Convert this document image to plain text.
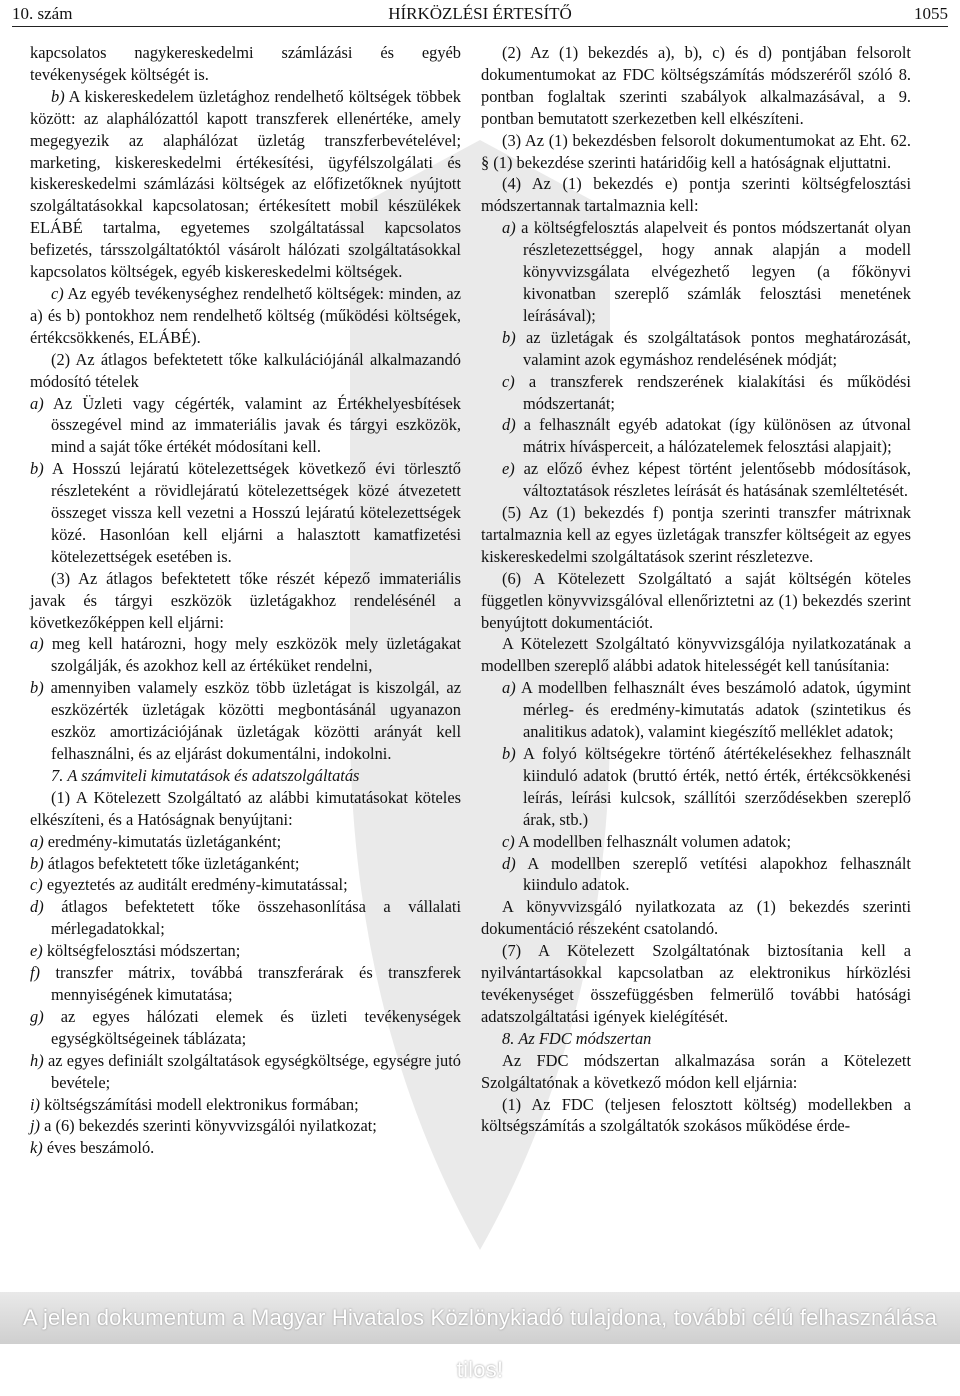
10. szám	HÍRKÖZLÉSI ÉRTESÍTŐ	1055

kapcsolatos nagykereskedelmi számlázási és egyéb tevékenységek költségét is.

b) A kiskereskedelem üzletághoz rendelhető költségek többek között: az alaphálózattól kapott transzferek ellenértéke, amely megegyezik az alaphálózat üzletág transzferbevételével; marketing, kiskereskedelmi értékesítési, ügyfélszolgálati és kiskereskedelmi számlázási költségek az előfizetőknek nyújtott szolgáltatásokkal kapcsolatosan; értékesített mobil készülékek ELÁBÉ tartalma, egyetemes szolgáltatással kapcsolatos befizetés, társszolgáltatóktól vásárolt hálózati szolgáltatásokkal kapcsolatos költségek, egyéb kiskereskedelmi költségek.

c) Az egyéb tevékenységhez rendelhető költségek: minden, az a) és b) pontokhoz nem rendelhető költség (működési költségek, értékcsökkenés, ELÁBÉ).

(2) Az átlagos befektetett tőke kalkulációjánál alkalmazandó módosító tételek

a) Az Üzleti vagy cégérték, valamint az Értékhelyesbítések összegével mind az immateriális javak és tárgyi eszközök, mind a saját tőke értékét módosítani kell.

b) A Hosszú lejáratú kötelezettségek következő évi törlesztő részleteként a rövidlejáratú kötelezettségek közé átvezetett összeget vissza kell vezetni a Hosszú lejáratú kötelezettségek közé. Hasonlóan kell eljárni a halasztott kamatfizetési kötelezettségek esetében is.

(3) Az átlagos befektetett tőke részét képező immateriális javak és tárgyi eszközök üzletágakhoz rendelésénél a következőképpen kell eljárni:

a) meg kell határozni, hogy mely eszközök mely üzletágakat szolgálják, és azokhoz kell az értéküket rendelni,

b) amennyiben valamely eszköz több üzletágat is kiszolgál, az eszközérték üzletágak közötti megbontásánál ugyanazon eszköz amortizációjának üzletágak közötti arányát kell felhasználni, és az eljárást dokumentálni, indokolni.

7. A számviteli kimutatások és adatszolgáltatás

(1) A Kötelezett Szolgáltató az alábbi kimutatásokat köteles elkészíteni, és a Hatóságnak benyújtani:

a) eredmény-kimutatás üzletáganként;

b) átlagos befektetett tőke üzletáganként;

c) egyeztetés az auditált eredmény-kimutatással;

d) átlagos befektetett tőke összehasonlítása a vállalati mérlegadatokkal;

e) költségfelosztási módszertan;

f) transzfer mátrix, továbbá transzferárak és transzferek mennyiségének kimutatása;

g) az egyes hálózati elemek és üzleti tevékenységek egységköltségeinek táblázata;

h) az egyes definiált szolgáltatások egységköltsége, egységre jutó bevétele;

i) költségszámítási modell elektronikus formában;

j) a (6) bekezdés szerinti könyvvizsgálói nyilatkozat;

k) éves beszámoló.

(2) Az (1) bekezdés a), b), c) és d) pontjában felsorolt dokumentumokat az FDC költségszámítás módszeréről szóló 8. pontban foglaltak szerinti szabályok alkalmazásával, a 9. pontban bemutatott szerkezetben kell elkészíteni.

(3) Az (1) bekezdésben felsorolt dokumentumokat az Eht. 62. § (1) bekezdése szerinti határidőig kell a hatóságnak eljuttatni.

(4) Az (1) bekezdés e) pontja szerinti költségfelosztási módszertannak tartalmaznia kell:

a) a költségfelosztás alapelveit és pontos módszertanát olyan részletezettséggel, hogy annak alapján a modell könyvvizsgálata elvégezhető legyen (a főkönyvi kivonatban szereplő számlák felosztási menetének leírásával);

b) az üzletágak és szolgáltatások pontos meghatározását, valamint azok egymáshoz rendelésének módját;

c) a transzferek rendszerének kialakítási és működési módszertanát;

d) a felhasznált egyéb adatokat (így különösen az útvonal mátrix hívásperceit, a hálózatelemek felosztási alapjait);

e) az előző évhez képest történt jelentősebb módosítások, változtatások részletes leírását és hatásának szemléltetését.

(5) Az (1) bekezdés f) pontja szerinti transzfer mátrixnak tartalmaznia kell az egyes üzletágak transzfer költségeit az egyes kiskereskedelmi szolgáltatások szerint részletezve.

(6) A Kötelezett Szolgáltató a saját költségén köteles független könyvvizsgálóval ellenőriztetni az (1) bekezdés szerint benyújtott dokumentációt.

A Kötelezett Szolgáltató könyvvizsgálója nyilatkozatának a modellben szereplő alábbi adatok hitelességét kell tanúsítania:

a) A modellben felhasznált éves beszámoló adatok, úgymint mérleg- és eredmény-kimutatás adatok (szintetikus és analitikus adatok), valamint kiegészítő melléklet adatok;

b) A folyó költségekre történő átértékelésekhez felhasznált kiinduló adatok (bruttó érték, nettó érték, értékcsökkenési leírás, leírási kulcsok, szállítói szerződésekben szereplő árak, stb.)

c) A modellben felhasznált volumen adatok;

d) A modellben szereplő vetítési alapokhoz felhasznált kiindulo adatok.

A könyvvizsgáló nyilatkozata az (1) bekezdés szerinti dokumentáció részeként csatolandó.

(7) A Kötelezett Szolgáltatónak biztosítania kell a nyilvántartásokkal kapcsolatban az elektronikus hírközlési tevékenységet összefüggésben felmerülő további hatósági adatszolgáltatási igények kielégítését.

8. Az FDC módszertan

Az FDC módszertan alkalmazása során a Kötelezett Szolgáltatónak a következő módon kell eljárnia:

(1) Az FDC (teljesen felosztott költség) modellekben a költségszámítás a szolgáltatók szokásos működése érde-

A jelen dokumentum a Magyar Hivatalos Közlönykiadó tulajdona, további célú felhasználása tilos!
